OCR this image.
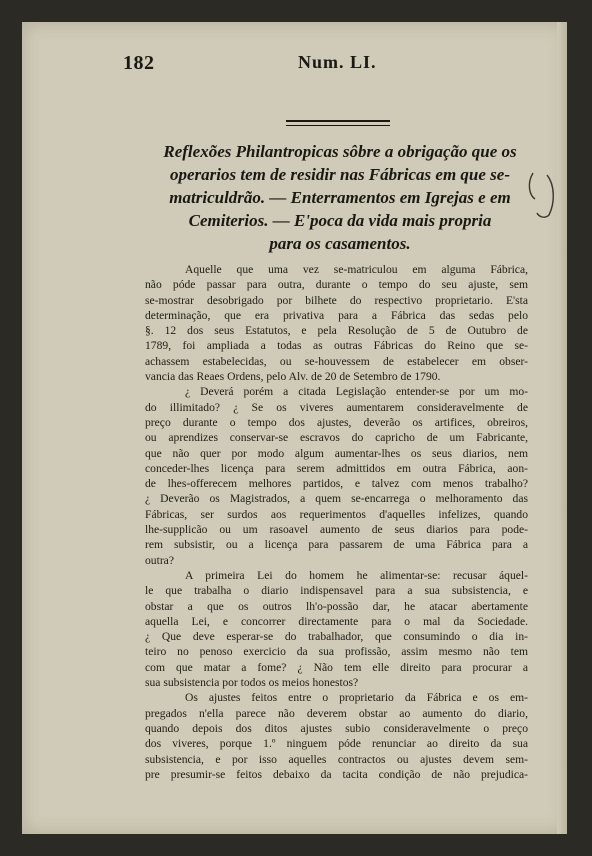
182	Num. LI.
Reflexões Philantropicas sôbre a obrigação que os
operarios tem de residir nas Fábricas em que se-
matriculdrão. — Enterramentos em Igrejas e em
Cemiterios. — E'poca da vida mais propria
para os casamentos.
Aquelle que uma vez se-matriculou em alguma Fábrica,
não póde passar para outra, durante o tempo do seu ajuste, sem
se-mostrar desobrigado por bilhete do respectivo proprietario. E'sta
determinação, que era privativa para a Fábrica das sedas pelo
§. 12 dos seus Estatutos, e pela Resolução de 5 de Outubro de
1789, foi ampliada a todas as outras Fábricas do Reino que se-
achassem estabelecidas, ou se-houvessem de estabelecer em obser-
vancia das Reaes Ordens, pelo Alv. de 20 de Setembro de 1790.
¿ Deverá porém a citada Legislação entender-se por um mo-
do illimitado? ¿ Se os viveres aumentarem consideravelmente de
preço durante o tempo dos ajustes, deverão os artifices, obreiros,
ou aprendizes conservar-se escravos do capricho de um Fabricante,
que não quer por modo algum aumentar-lhes os seus diarios, nem
conceder-lhes licença para serem admittidos em outra Fábrica, aon-
de lhes-offerecem melhores partidos, e talvez com menos trabalho?
¿ Deverão os Magistrados, a quem se-encarrega o melhoramento das
Fábricas, ser surdos aos requerimentos d'aquelles infelizes, quando
lhe-supplicão ou um rasoavel aumento de seus diarios para pode-
rem subsistir, ou a licença para passarem de uma Fábrica para a
outra?
A primeira Lei do homem he alimentar-se: recusar áquel-
le que trabalha o diario indispensavel para a sua subsistencia, e
obstar a que os outros lh'o-possão dar, he atacar abertamente
aquella Lei, e concorrer directamente para o mal da Sociedade.
¿ Que deve esperar-se do trabalhador, que consumindo o dia in-
teiro no penoso exercicio da sua profissão, assim mesmo não tem
com que matar a fome? ¿ Não tem elle direito para procurar a
sua subsistencia por todos os meios honestos?
Os ajustes feitos entre o proprietario da Fábrica e os em-
pregados n'ella parece não deverem obstar ao aumento do diario,
quando depois dos ditos ajustes subio consideravelmente o preço
dos viveres, porque 1.º ninguem póde renunciar ao direito da sua
subsistencia, e por isso aquelles contractos ou ajustes devem sem-
pre presumir-se feitos debaixo da tacita condição de não prejudica-
